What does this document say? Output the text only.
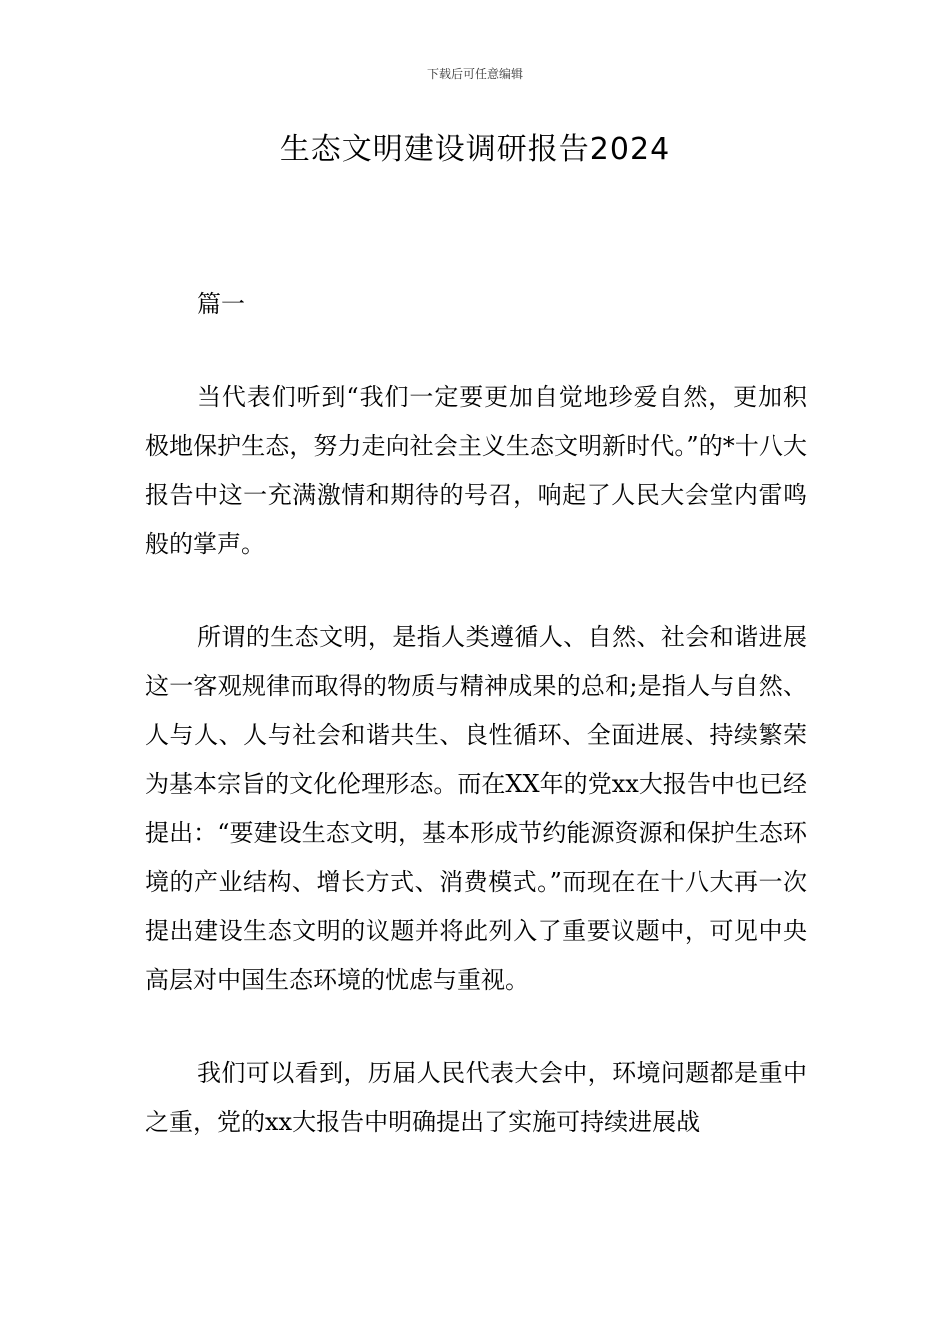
下载后可任意编辑
生态文明建设调研报告2024

篇一

当代表们听到“我们一定要更加自觉地珍爱自然，更加积极地保护生态，努力走向社会主义生态文明新时代。”的*十八大报告中这一充满激情和期待的号召，响起了人民大会堂内雷鸣般的掌声。

所谓的生态文明，是指人类遵循人、自然、社会和谐进展这一客观规律而取得的物质与精神成果的总和;是指人与自然、人与人、人与社会和谐共生、良性循环、全面进展、持续繁荣为基本宗旨的文化伦理形态。而在XX年的党xx大报告中也已经提出：“要建设生态文明，基本形成节约能源资源和保护生态环境的产业结构、增长方式、消费模式。”而现在在十八大再一次提出建设生态文明的议题并将此列入了重要议题中，可见中央高层对中国生态环境的忧虑与重视。

我们可以看到，历届人民代表大会中，环境问题都是重中之重，党的xx大报告中明确提出了实施可持续进展战
